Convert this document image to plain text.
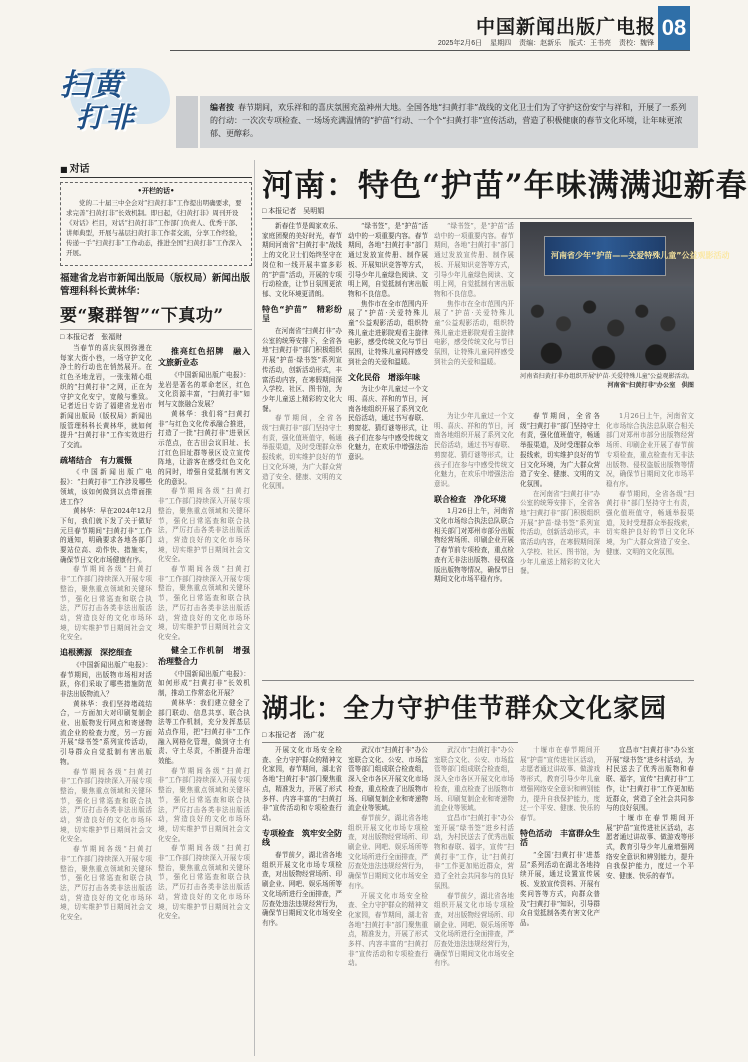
中国新闻出版广电报 08
2025年2月6日 星期四 责编：赵新乐 版式：王书亮 责校：魏锋
扫黄
打非	编者按 春节期间，欢乐祥和的喜庆氛围充盈神州大地。全国各地“扫黄打非”战线的文化卫士们为了守护这份安宁与祥和，开展了一系列的行动：一次次专项检查、一场场充满温情的“护苗”行动、一个个“扫黄打非”宣传活动，营造了积极健康的春节文化环境，让年味更浓郁、更醇彩。
■ 对话
•开栏的话•

党的二十届三中全会对“扫黄打非”工作提出明确要求，要求完善“扫黄打非”长效机制。即日起，《扫黄打非》周刊开设《对话》栏目，对话“扫黄打非”工作部门负责人、优秀干部、讲师典型，开展与基层扫黄打非工作者交流，分享工作经验，传递一手“扫黄打非”工作动态，推进全国“扫黄打非”工作深入开展。

福建省龙岩市新闻出版局（版权局）新闻出版管理科科长黄林华：
要“聚群智”“下真功”
□ 本报记者　张福财

当春节的喜庆氛围弥漫在每家大街小巷，一场守护文化净土的行动也在悄然展开。在红色圣地龙岩，一张张精心组织的“扫黄打非”之网，正在为守护文化安宁，宽敞与雅致。记者近日专访了福建省龙岩市新闻出版局（版权局）新闻出版管理科科长黄林华，就如何提升“扫黄打非”工作实效进行了交流。

疏堵结合　有力震慑

《中国新闻出版广电报》：“扫黄打非”工作涉及哪些领域，该如何做到以点带面推进工作？

黄林华：早在2024年12月下旬，我们就下发了关于做好元旦春节期间“扫黄打非”工作的通知，明确要求各地各部门要站位高、动作快、措施实，确保节日文化市场健康有序。

春节期间各级“扫黄打非”工作部门持续深入开展专项整治，聚焦重点领域和关键环节，强化日常巡查和联合执法，严厉打击各类非法出版活动，营造良好的文化市场环境，切实维护节日期间社会文化安全。

追根溯源　深挖细查

《中国新闻出版广电报》：春节期间，出版物市场相对活跃，你们采取了哪些措施防范非法出版物流入？

黄林华：我们坚持堵疏结合，一方面加大对印刷复制企业、出版物发行网点和寄递物流企业的检查力度，另一方面开展“绿书签”系列宣传活动，引导群众自觉抵制有害出版物。

春节期间各级“扫黄打非”工作部门持续深入开展专项整治，聚焦重点领域和关键环节，强化日常巡查和联合执法，严厉打击各类非法出版活动，营造良好的文化市场环境，切实维护节日期间社会文化安全。

春节期间各级“扫黄打非”工作部门持续深入开展专项整治，聚焦重点领域和关键环节，强化日常巡查和联合执法，严厉打击各类非法出版活动，营造良好的文化市场环境，切实维护节日期间社会文化安全。

推亮红色招牌　融入文旅新业态

《中国新闻出版广电报》：龙岩是著名的革命老区，红色文化资源丰富，“扫黄打非”如何与文旅融合发展？

黄林华：我们将“扫黄打非”与红色文化传承融合推进，打造了一批“扫黄打非”进景区示范点，在古田会议旧址、长汀红色旧址群等景区设立宣传阵地，让游客在感受红色文化的同时，增强自觉抵制有害文化的意识。

春节期间各级“扫黄打非”工作部门持续深入开展专项整治，聚焦重点领域和关键环节，强化日常巡查和联合执法，严厉打击各类非法出版活动，营造良好的文化市场环境，切实维护节日期间社会文化安全。

春节期间各级“扫黄打非”工作部门持续深入开展专项整治，聚焦重点领域和关键环节，强化日常巡查和联合执法，严厉打击各类非法出版活动，营造良好的文化市场环境，切实维护节日期间社会文化安全。

健全工作机制　增强治理整合力

《中国新闻出版广电报》：如何形成“扫黄打非”长效机制，推动工作常态化开展？

黄林华：我们建立健全了部门联动、信息共享、联合执法等工作机制，充分发挥基层站点作用，把“扫黄打非”工作融入网格化管理，做到守土有责、守土尽责，不断提升治理效能。

春节期间各级“扫黄打非”工作部门持续深入开展专项整治，聚焦重点领域和关键环节，强化日常巡查和联合执法，严厉打击各类非法出版活动，营造良好的文化市场环境，切实维护节日期间社会文化安全。

春节期间各级“扫黄打非”工作部门持续深入开展专项整治，聚焦重点领域和关键环节，强化日常巡查和联合执法，严厉打击各类非法出版活动，营造良好的文化市场环境，切实维护节日期间社会文化安全。

河南：特色“护苗”年味满满迎新春
□ 本报记者　吴明娟

新春佳节是阖家欢乐、家庭团聚的美好时光，春节期间河南省“扫黄打非”战线上的文化卫士们始终坚守在岗位和一线开展丰富多彩的“护苗”活动，开展的专项行动检查，让节日氛围更浓郁、文化环境更清朗。

特色“护苗”　精彩纷呈

在河南省“扫黄打非”办公室的统筹安排下，全省各地“扫黄打非”部门积极组织开展“护苗·绿书签”系列宣传活动，创新活动形式，丰富活动内容，在寒假期间深入学校、社区、图书馆，为少年儿童送上精彩的文化大餐。

春节期间，全省各级“扫黄打非”部门坚持守土有责，强化值班值守，畅通举报渠道，及时受理群众举报线索，切实维护良好的节日文化环境，为广大群众营造了安全、健康、文明的文化氛围。

“绿书签”，是“护苗”活动中的一项重要内容。春节期间，各地“扫黄打非”部门通过发放宣传册、制作展板、开展知识竞答等方式，引导少年儿童绿色阅读、文明上网，自觉抵制有害出版物和不良信息。

焦作市在全市范围内开展了“护苗·关爱特殊儿童”公益观影活动，组织特殊儿童走进影院观看主旋律电影，感受传统文化与节日氛围，让特殊儿童同样感受到社会的关爱和温暖。

文化民俗　增添年味

为让少年儿童过一个文明、喜庆、祥和的节日，河南各地组织开展了系列文化民俗活动，通过书写春联、剪窗花、猜灯谜等形式，让孩子们在参与中感受传统文化魅力，在欢乐中增强法治意识。

“绿书签”，是“护苗”活动中的一项重要内容。春节期间，各地“扫黄打非”部门通过发放宣传册、制作展板、开展知识竞答等方式，引导少年儿童绿色阅读、文明上网，自觉抵制有害出版物和不良信息。

焦作市在全市范围内开展了“护苗·关爱特殊儿童”公益观影活动，组织特殊儿童走进影院观看主旋律电影，感受传统文化与节日氛围，让特殊儿童同样感受到社会的关爱和温暖。

河南省少年“护苗——关爱特殊儿童”公益观影活动
河南省扫黄打非办组织开展“护苗·关爱特殊儿童”公益观影活动。
河南省“扫黄打非”办公室　供图

为让少年儿童过一个文明、喜庆、祥和的节日，河南各地组织开展了系列文化民俗活动，通过书写春联、剪窗花、猜灯谜等形式，让孩子们在参与中感受传统文化魅力，在欢乐中增强法治意识。

联合检查　净化环境

1月26日上午，河南省文化市场综合执法总队联合相关部门对郑州市部分出版物经营场所、印刷企业开展了春节前专项检查，重点检查有无非法出版物、侵权盗版出版物等情况，确保节日期间文化市场平稳有序。

春节期间，全省各级“扫黄打非”部门坚持守土有责，强化值班值守，畅通举报渠道，及时受理群众举报线索，切实维护良好的节日文化环境，为广大群众营造了安全、健康、文明的文化氛围。

在河南省“扫黄打非”办公室的统筹安排下，全省各地“扫黄打非”部门积极组织开展“护苗·绿书签”系列宣传活动，创新活动形式，丰富活动内容，在寒假期间深入学校、社区、图书馆，为少年儿童送上精彩的文化大餐。

1月26日上午，河南省文化市场综合执法总队联合相关部门对郑州市部分出版物经营场所、印刷企业开展了春节前专项检查，重点检查有无非法出版物、侵权盗版出版物等情况，确保节日期间文化市场平稳有序。

春节期间，全省各级“扫黄打非”部门坚持守土有责，强化值班值守，畅通举报渠道，及时受理群众举报线索，切实维护良好的节日文化环境，为广大群众营造了安全、健康、文明的文化氛围。

湖北：全力守护佳节群众文化家园
□ 本报记者　汤广花

开展文化市场安全检查、全力守护群众的精神文化家园，春节期间，湖北省各地“扫黄打非”部门聚焦重点，精准发力，开展了形式多样、内容丰富的“扫黄打非”宣传活动和专项检查行动。

专项检查　筑牢安全防线

春节前夕，湖北省各地组织开展文化市场专项检查，对出版物经营场所、印刷企业、网吧、娱乐场所等文化场所进行全面排查，严厉查处违法违规经营行为，确保节日期间文化市场安全有序。

武汉市“扫黄打非”办公室联合文化、公安、市场监管等部门组成联合检查组，深入全市各区开展文化市场检查，重点检查了出版物市场、印刷复制企业和寄递物流企业等领域。

春节前夕，湖北省各地组织开展文化市场专项检查，对出版物经营场所、印刷企业、网吧、娱乐场所等文化场所进行全面排查，严厉查处违法违规经营行为，确保节日期间文化市场安全有序。

开展文化市场安全检查、全力守护群众的精神文化家园，春节期间，湖北省各地“扫黄打非”部门聚焦重点，精准发力，开展了形式多样、内容丰富的“扫黄打非”宣传活动和专项检查行动。

武汉市“扫黄打非”办公室联合文化、公安、市场监管等部门组成联合检查组，深入全市各区开展文化市场检查，重点检查了出版物市场、印刷复制企业和寄递物流企业等领域。

宜昌市“扫黄打非”办公室开展“绿书签”进乡村活动，为村民送去了优秀出版物和春联、福字，宣传“扫黄打非”工作，让“扫黄打非”工作更加贴近群众，营造了全社会共同参与的良好氛围。

春节前夕，湖北省各地组织开展文化市场专项检查，对出版物经营场所、印刷企业、网吧、娱乐场所等文化场所进行全面排查，严厉查处违法违规经营行为，确保节日期间文化市场安全有序。

十堰市在春节期间开展“护苗”宣传进社区活动，志愿者通过讲故事、做游戏等形式，教育引导少年儿童增强网络安全意识和辨别能力，提升自我保护能力，度过一个平安、健康、快乐的春节。

特色活动　丰富群众生活

“全国‘扫黄打非’进基层”系列活动在湖北各地持续开展，通过设置宣传展板、发放宣传资料、开展有奖问答等方式，向群众普及“扫黄打非”知识，引导群众自觉抵制各类有害文化产品。

宜昌市“扫黄打非”办公室开展“绿书签”进乡村活动，为村民送去了优秀出版物和春联、福字，宣传“扫黄打非”工作，让“扫黄打非”工作更加贴近群众，营造了全社会共同参与的良好氛围。

十堰市在春节期间开展“护苗”宣传进社区活动，志愿者通过讲故事、做游戏等形式，教育引导少年儿童增强网络安全意识和辨别能力，提升自我保护能力，度过一个平安、健康、快乐的春节。
